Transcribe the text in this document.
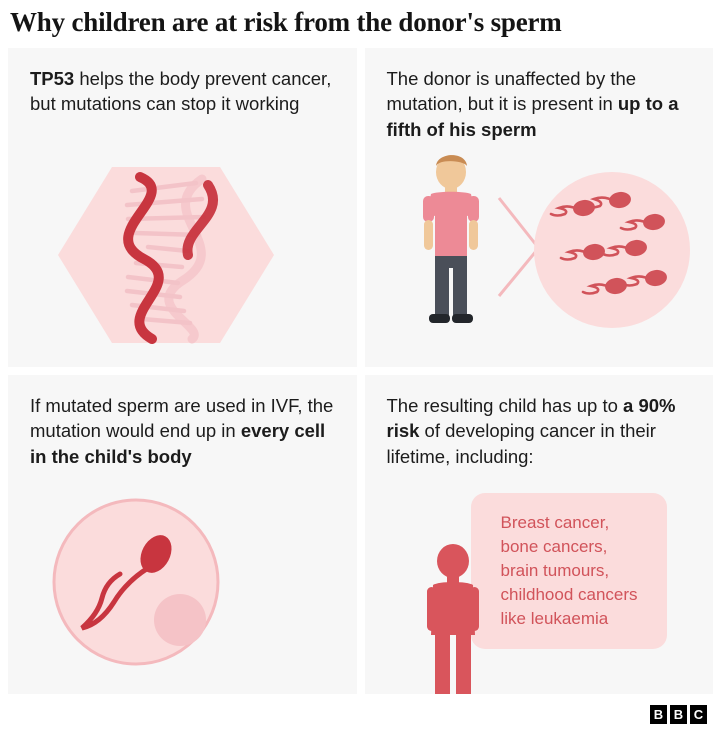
Why children are at risk from the donor's sperm
TP53 helps the body prevent cancer, but mutations can stop it working
The donor is unaffected by the mutation, but it is present in up to a fifth of his sperm
If mutated sperm are used in IVF, the mutation would end up in every cell in the child's body
The resulting child has up to a 90% risk of developing cancer in their lifetime, including:
Breast cancer, bone cancers, brain tumours, childhood cancers like leukaemia
B B C
